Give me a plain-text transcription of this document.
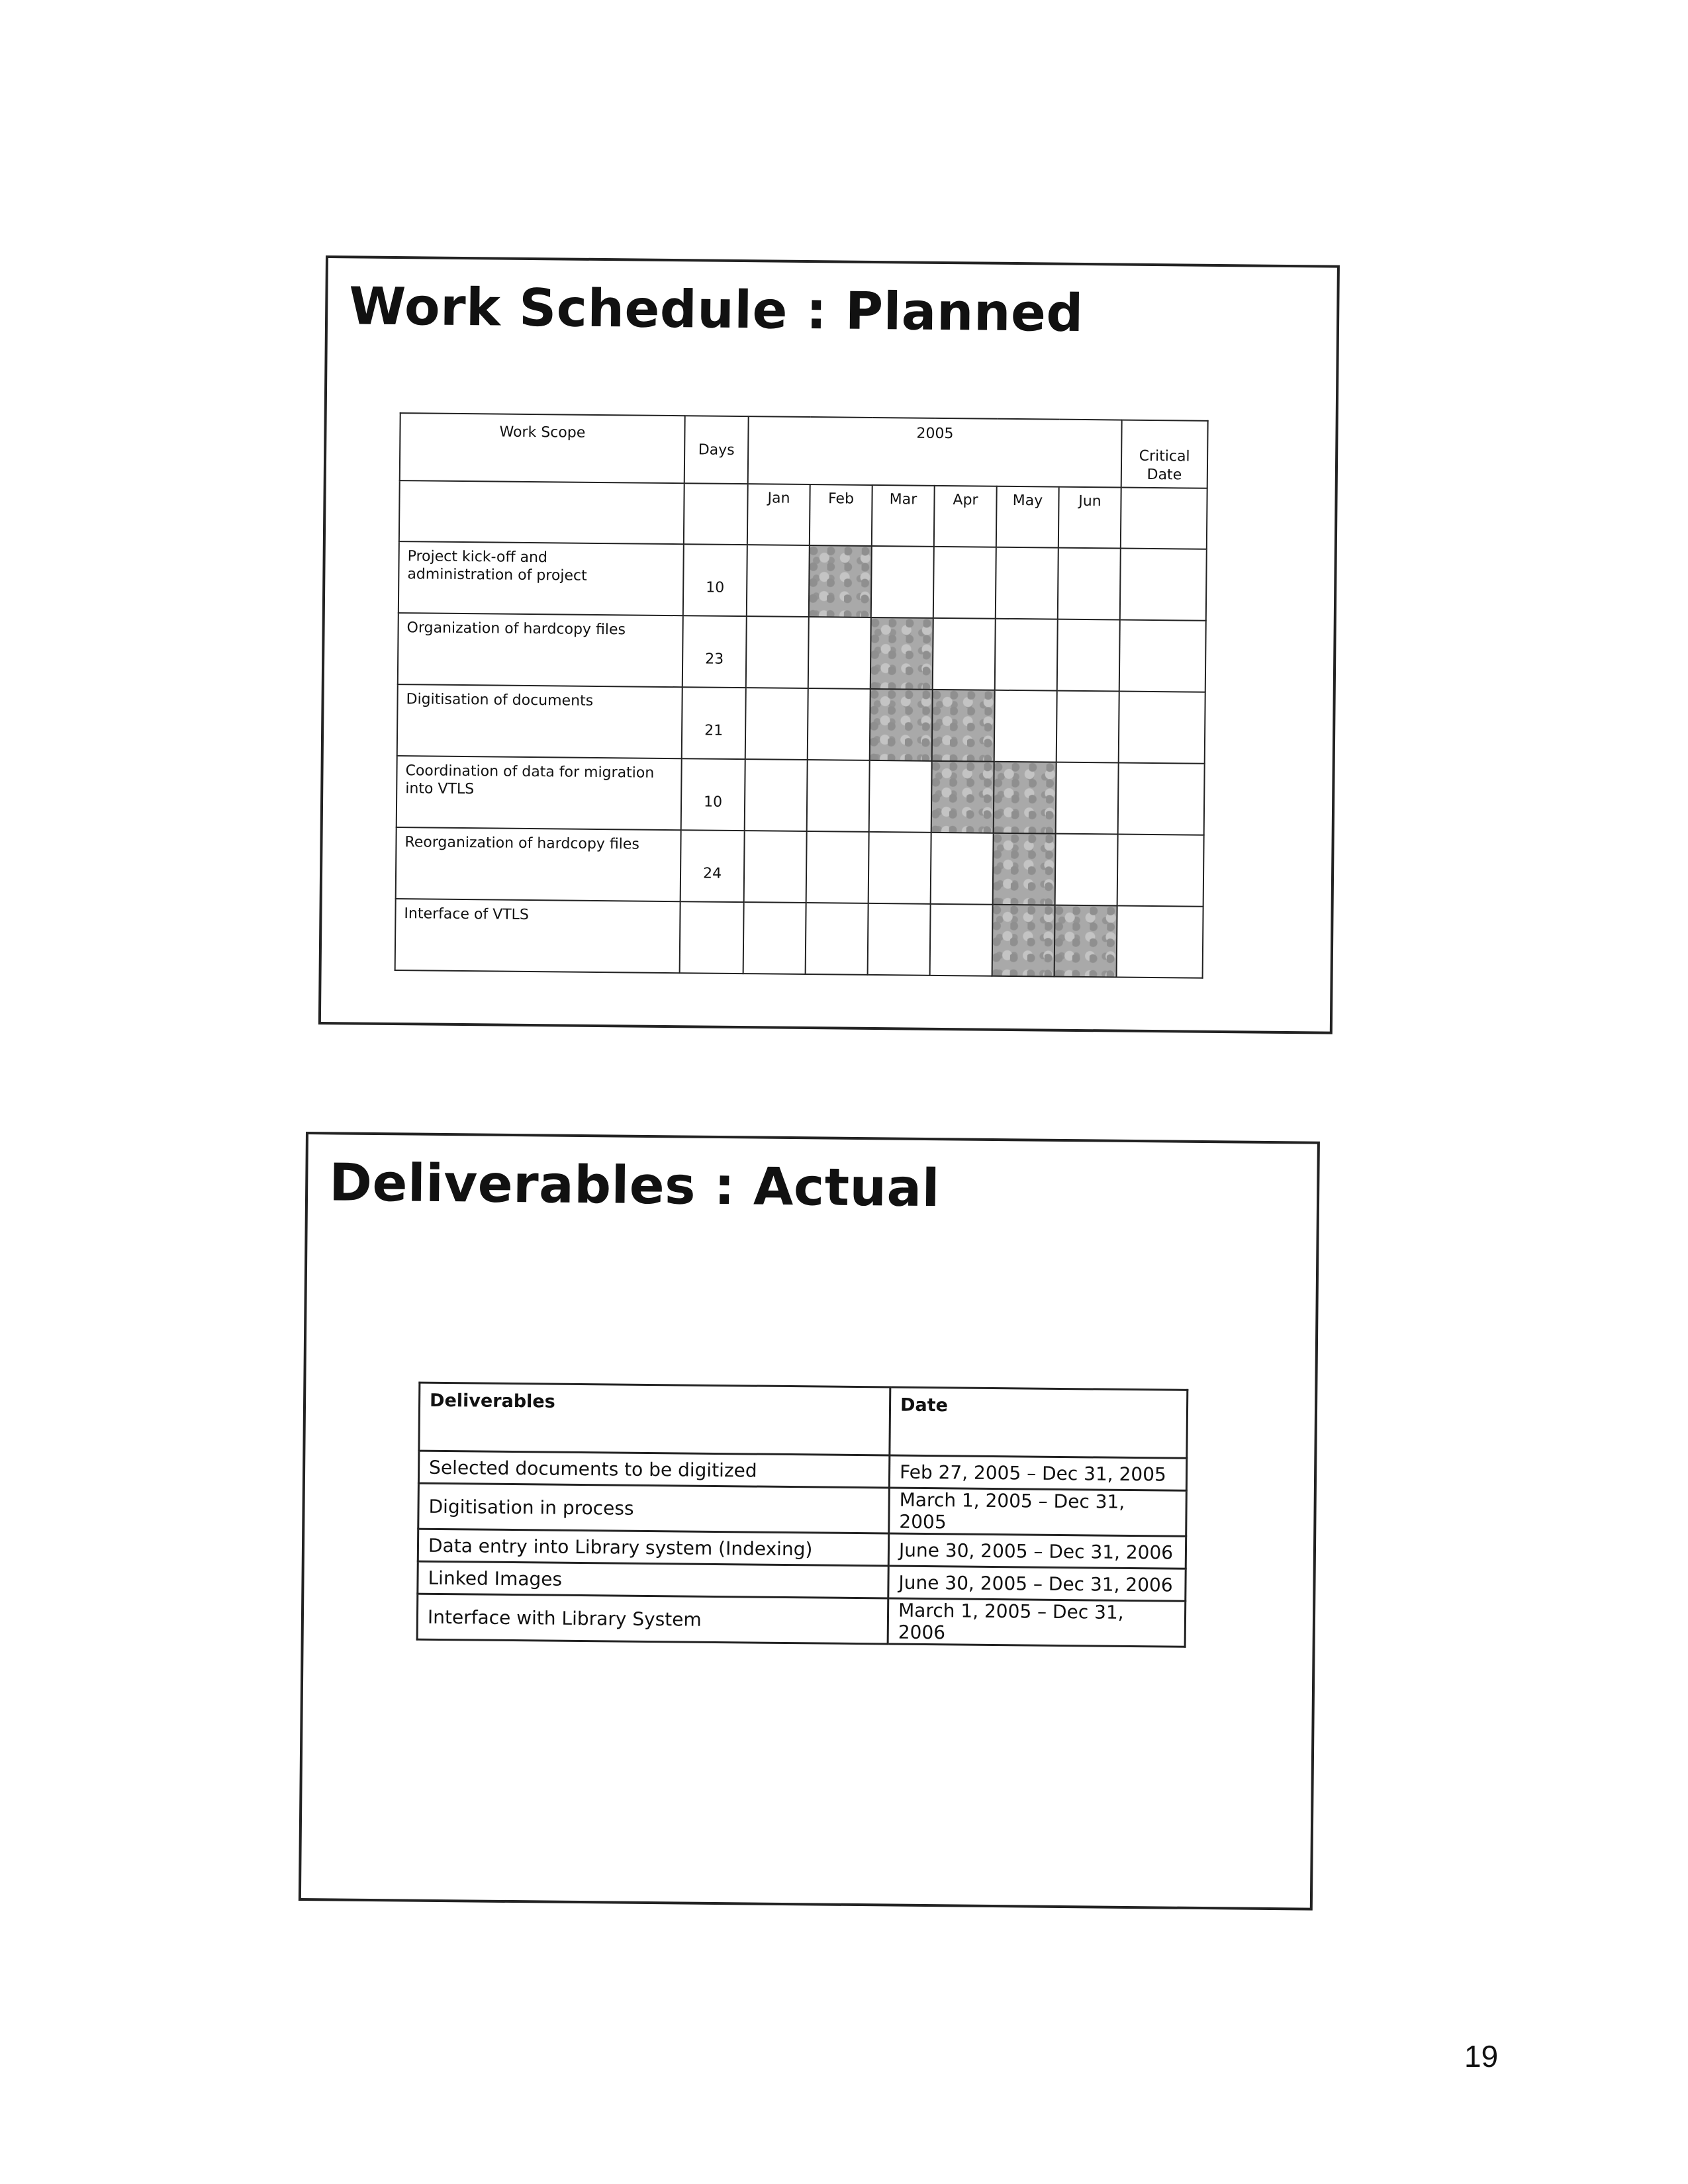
Work Schedule : Planned
Work Scope	Days	2005						Critical
Date
		Jan	Feb	Mar	Apr	May	Jun	
Project kick-off and
administration of project	10							
Organization of hardcopy files	23							
Digitisation of documents	21							
Coordination of data for migration
into VTLS	10							
Reorganization of hardcopy files	24							
Interface of VTLS								
Deliverables : Actual
Deliverables	Date
Selected documents to be digitized	Feb 27, 2005 – Dec 31, 2005
Digitisation in process	March 1, 2005 – Dec 31, 2005
Data entry into Library system (Indexing)	June 30, 2005 – Dec 31, 2006
Linked Images	June 30, 2005 – Dec 31, 2006
Interface with Library System	March 1, 2005 – Dec 31, 2006
19
